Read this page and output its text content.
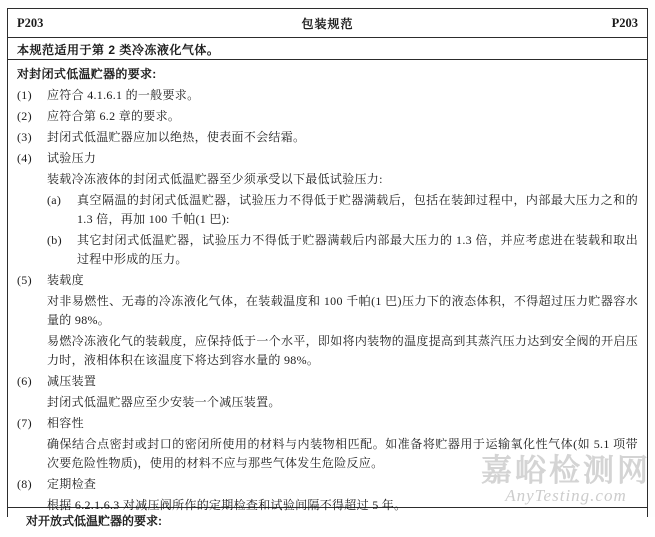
P203	包装规范	P203
本规范适用于第 2 类冷冻液化气体。
对封闭式低温贮器的要求:
(1)	应符合 4.1.6.1 的一般要求。
(2)	应符合第 6.2 章的要求。
(3)	封闭式低温贮器应加以绝热，使表面不会结霜。
(4)	试验压力
装载冷冻液体的封闭式低温贮器至少须承受以下最低试验压力:
(a)	真空隔温的封闭式低温贮器，试验压力不得低于贮器满载后，包括在装卸过程中，内部最大压力之和的 1.3 倍，再加 100 千帕(1 巴):
(b)	其它封闭式低温贮器，试验压力不得低于贮器满载后内部最大压力的 1.3 倍，并应考虑进在装载和取出过程中形成的压力。
(5)	装载度
对非易燃性、无毒的冷冻液化气体，在装载温度和 100 千帕(1 巴)压力下的液态体积，不得超过压力贮器容水量的 98%。
易燃冷冻液化气的装载度，应保持低于一个水平，即如将内装物的温度提高到其蒸汽压力达到安全阀的开启压力时，液相体积在该温度下将达到容水量的 98%。
(6)	减压装置
封闭式低温贮器应至少安装一个减压装置。
(7)	相容性
确保结合点密封或封口的密闭所使用的材料与内装物相匹配。如准备将贮器用于运输氧化性气体(如 5.1 项带次要危险性物质)，使用的材料不应与那些气体发生危险反应。
(8)	定期检查
根据 6.2.1.6.3 对减压阀所作的定期检查和试验间隔不得超过 5 年。
对开放式低温贮器的要求:
嘉峪检测网
AnyTesting.com
